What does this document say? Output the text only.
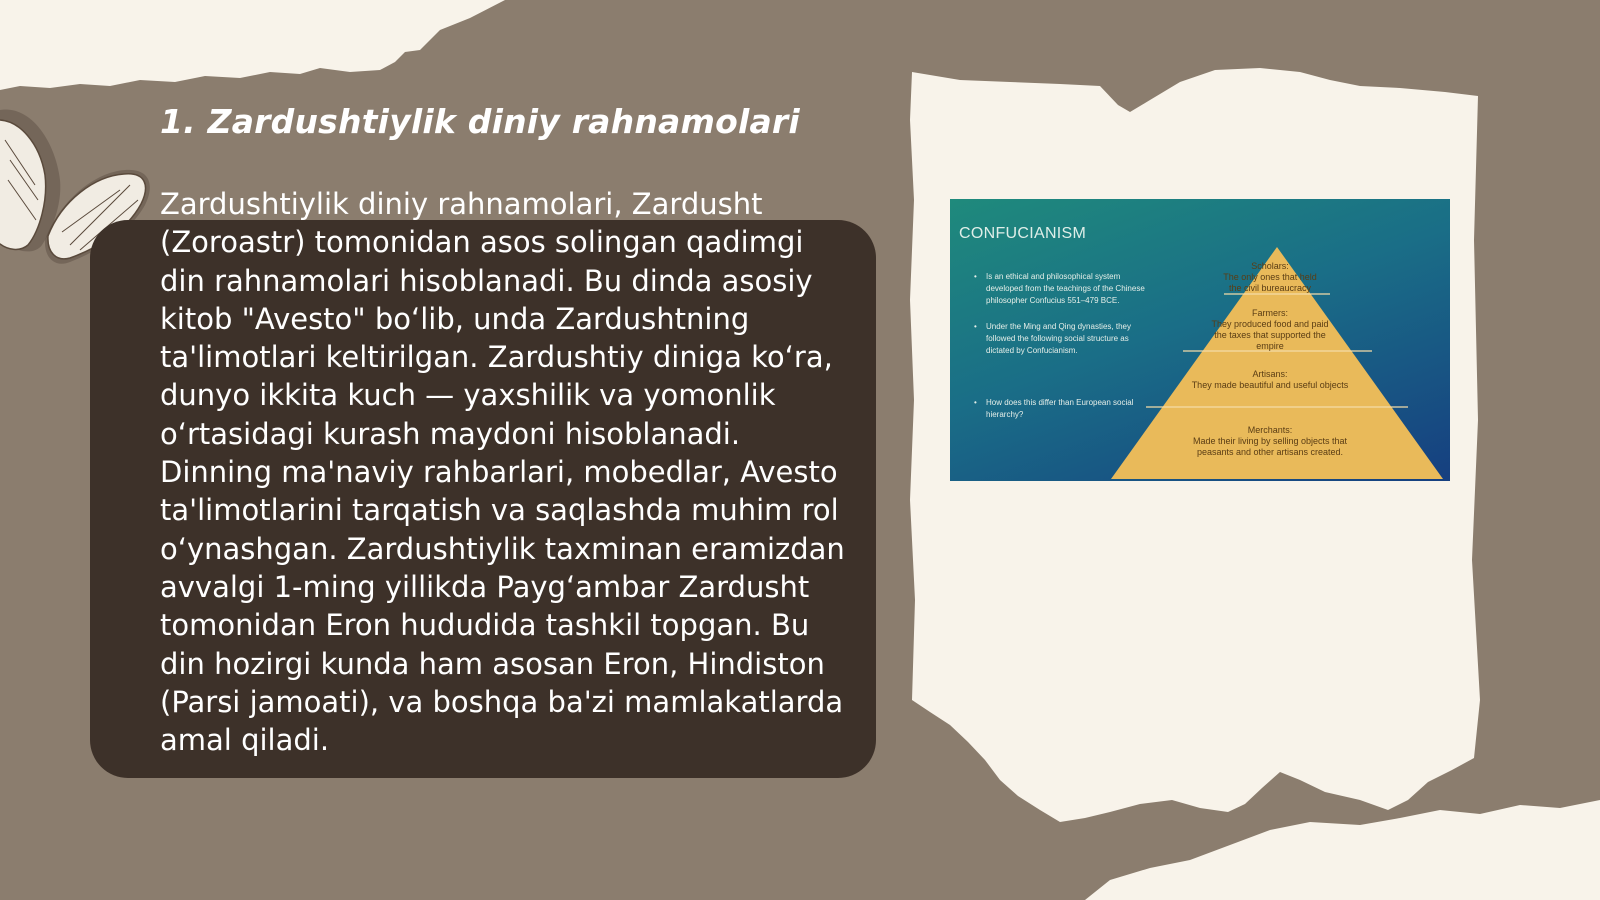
1. Zardushtiylik diniy rahnamolari

Zardushtiylik diniy rahnamolari, Zardusht (Zoroastr) tomonidan asos solingan qadimgi din rahnamolari hisoblanadi. Bu dinda asosiy kitob "Avesto" bo‘lib, unda Zardushtning ta'limotlari keltirilgan. Zardushtiy diniga ko‘ra, dunyo ikkita kuch — yaxshilik va yomonlik o‘rtasidagi kurash maydoni hisoblanadi. Dinning ma'naviy rahbarlari, mobedlar, Avesto ta'limotlarini tarqatish va saqlashda muhim rol o‘ynashgan. Zardushtiylik taxminan eramizdan avvalgi 1-ming yillikda Payg‘ambar Zardusht tomonidan Eron hududida tashkil topgan. Bu din hozirgi kunda ham asosan Eron, Hindiston (Parsi jamoati), va boshqa ba'zi mamlakatlarda amal qiladi.

CONFUCIANISM
• Is an ethical and philosophical system developed from the teachings of the Chinese philosopher Confucius 551–479 BCE.
• Under the Ming and Qing dynasties, they followed the following social structure as dictated by Confucianism.
• How does this differ than European social hierarchy?
Scholars:
The only ones that held the civil bureaucracy
Farmers:
They produced food and paid the taxes that supported the empire
Artisans:
They made beautiful and useful objects
Merchants:
Made their living by selling objects that peasants and other artisans created.
